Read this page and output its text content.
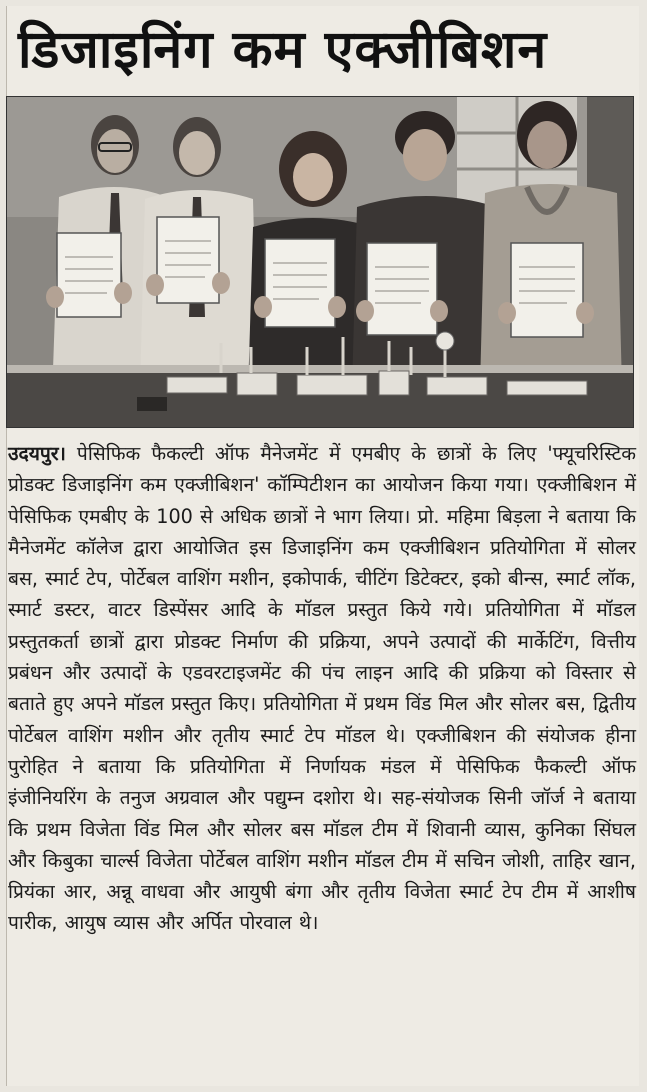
डिजाइनिंग कम एक्जीबिशन
उदयपुर। पेसिफिक फैकल्टी ऑफ मैनेजमेंट में एमबीए के छात्रों के लिए 'फ्यूचरिस्टिक प्रोडक्ट डिजाइनिंग कम एक्जीबिशन' कॉम्पिटीशन का आयोजन किया गया। एक्जीबिशन में पेसिफिक एमबीए के 100 से अधिक छात्रों ने भाग लिया। प्रो. महिमा बिड़ला ने बताया कि मैनेजमेंट कॉलेज द्वारा आयोजित इस डिजाइनिंग कम एक्जीबिशन प्रतियोगिता में सोलर बस, स्मार्ट टेप, पोर्टेबल वाशिंग मशीन, इकोपार्क, चीटिंग डिटेक्टर, इको बीन्स, स्मार्ट लॉक, स्मार्ट डस्टर, वाटर डिस्पेंसर आदि के मॉडल प्रस्तुत किये गये। प्रतियोगिता में मॉडल प्रस्तुतकर्ता छात्रों द्वारा प्रोडक्ट निर्माण की प्रक्रिया, अपने उत्पादों की मार्केटिंग, वित्तीय प्रबंधन और उत्पादों के एडवरटाइजमेंट की पंच लाइन आदि की प्रक्रिया को विस्तार से बताते हुए अपने मॉडल प्रस्तुत किए। प्रतियोगिता में प्रथम विंड मिल और सोलर बस, द्वितीय पोर्टेबल वाशिंग मशीन और तृतीय स्मार्ट टेप मॉडल थे। एक्जीबिशन की संयोजक हीना पुरोहित ने बताया कि प्रतियोगिता में निर्णायक मंडल में पेसिफिक फैकल्टी ऑफ इंजीनियरिंग के तनुज अग्रवाल और पद्युम्न दशोरा थे। सह-संयोजक सिनी जॉर्ज ने बताया कि प्रथम विजेता विंड मिल और सोलर बस मॉडल टीम में शिवानी व्यास, कुनिका सिंघल और किबुका चार्ल्स विजेता पोर्टेबल वाशिंग मशीन मॉडल टीम में सचिन जोशी, ताहिर खान, प्रियंका आर, अन्नू वाधवा और आयुषी बंगा और तृतीय विजेता स्मार्ट टेप टीम में आशीष पारीक, आयुष व्यास और अर्पित पोरवाल थे।
